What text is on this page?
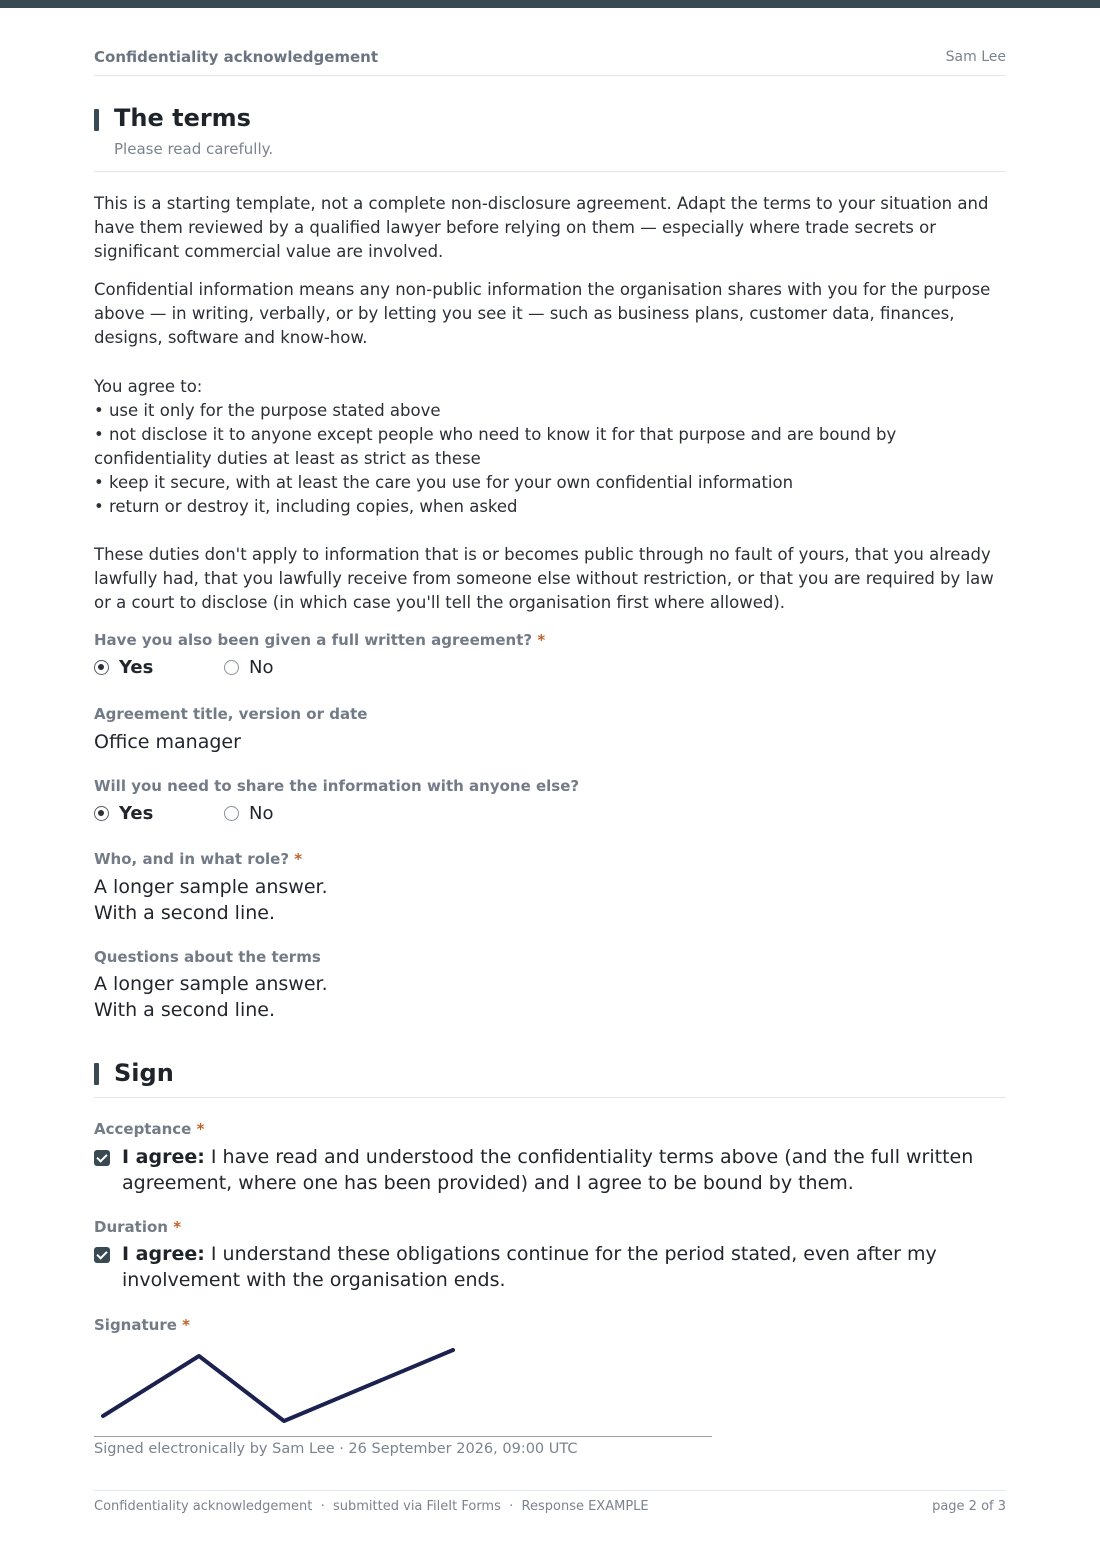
Confidentiality acknowledgement	Sam Lee
The terms
Please read carefully.
This is a starting template, not a complete non-disclosure agreement. Adapt the terms to your situation and have them reviewed by a qualified lawyer before relying on them — especially where trade secrets or significant commercial value are involved.
Confidential information means any non-public information the organisation shares with you for the purpose above — in writing, verbally, or by letting you see it — such as business plans, customer data, finances, designs, software and know-how.
You agree to:
• use it only for the purpose stated above
• not disclose it to anyone except people who need to know it for that purpose and are bound by confidentiality duties at least as strict as these
• keep it secure, with at least the care you use for your own confidential information
• return or destroy it, including copies, when asked
These duties don't apply to information that is or becomes public through no fault of yours, that you already lawfully had, that you lawfully receive from someone else without restriction, or that you are required by law or a court to disclose (in which case you'll tell the organisation first where allowed).
Have you also been given a full written agreement? *
Yes	No
Agreement title, version or date
Office manager
Will you need to share the information with anyone else?
Yes	No
Who, and in what role? *
A longer sample answer.
With a second line.
Questions about the terms
A longer sample answer.
With a second line.
Sign
Acceptance *
I agree: I have read and understood the confidentiality terms above (and the full written agreement, where one has been provided) and I agree to be bound by them.
Duration *
I agree: I understand these obligations continue for the period stated, even after my involvement with the organisation ends.
Signature *
Signed electronically by Sam Lee · 26 September 2026, 09:00 UTC
Confidentiality acknowledgement  ·  submitted via FileIt Forms  ·  Response EXAMPLE	page 2 of 3
